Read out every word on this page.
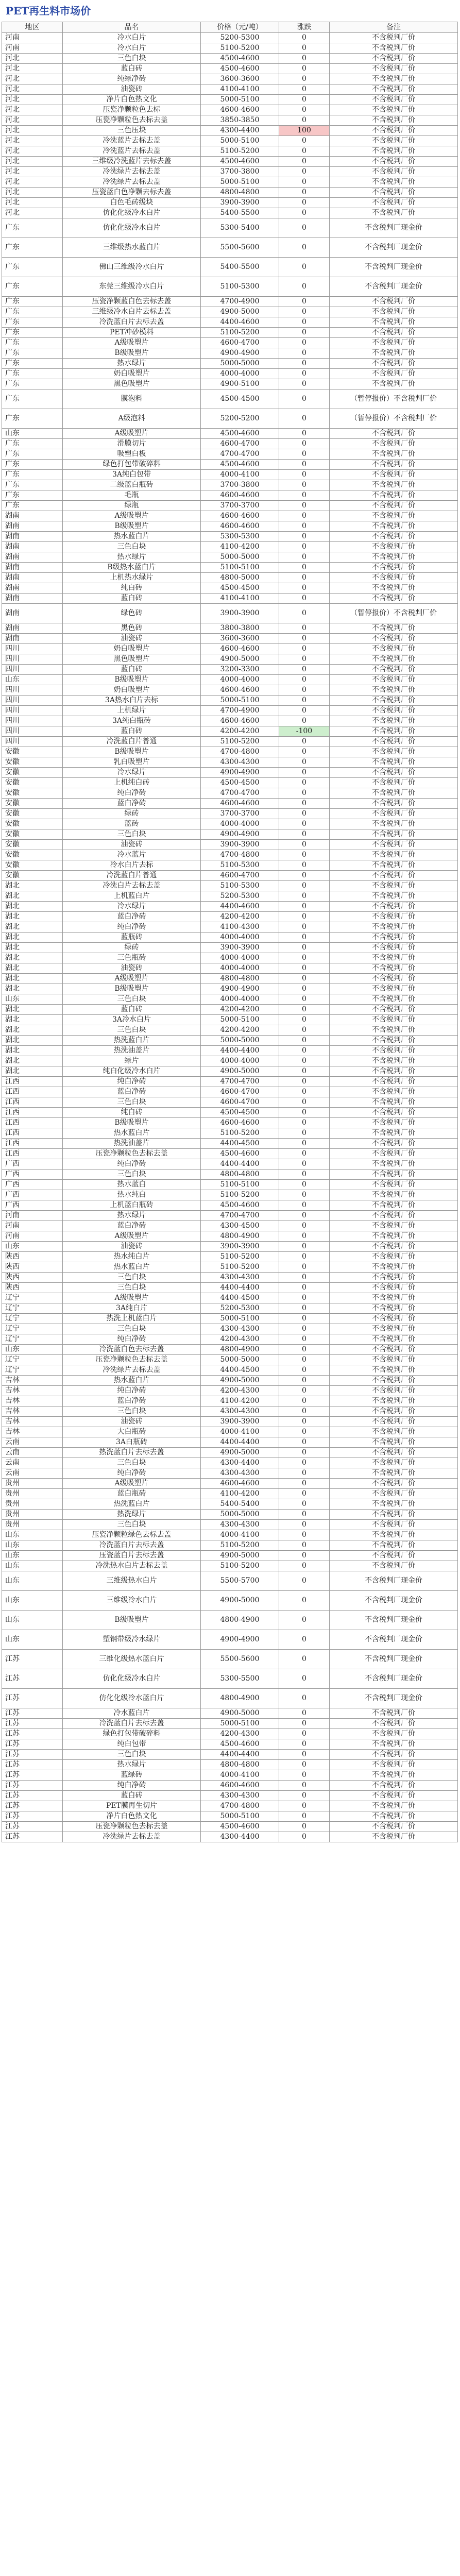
PET再生料市场价
地区	品名	价格（元/吨）	涨跌	备注
河南	冷水白片	5200-5300	0	不含税判厂价
河南	冷水白片	5100-5200	0	不含税判厂价
河北	三色白块	4500-4600	0	不含税判厂价
河北	蓝白砖	4500-4600	0	不含税判厂价
河北	纯绿净砖	3600-3600	0	不含税判厂价
河北	油瓷砖	4100-4100	0	不含税判厂价
河北	净片白色热文化	5000-5100	0	不含税判厂价
河北	压瓷净颗粒色去标	4600-4600	0	不含税判厂价
河北	压瓷净颗粒色去标去盖	3850-3850	0	不含税判厂价
河北	三色压块	4300-4400	100	不含税判厂价
河北	冷洗蓝片去标去盖	5000-5100	0	不含税判厂价
河北	冷洗蓝片去标去盖	5100-5200	0	不含税判厂价
河北	三维级冷洗蓝片去标去盖	4500-4600	0	不含税判厂价
河北	冷洗绿片去标去盖	3700-3800	0	不含税判厂价
河北	冷洗绿片去标去盖	5000-5100	0	不含税判厂价
河北	压瓷蓝白色净颗去标去盖	4800-4800	0	不含税判厂价
河北	白色毛砖级块	3900-3900	0	不含税判厂价
河北	仿化化级冷水白片	5400-5500	0	不含税判厂价
广东	仿化化级冷水白片	5300-5400	0	不含税判厂现金价
广东	三维级热水蓝白片	5500-5600	0	不含税判厂现金价
广东	佛山三维级冷水白片	5400-5500	0	不含税判厂现金价
广东	东莞三维级冷水白片	5100-5300	0	不含税判厂现金价
广东	压瓷净颗蓝白色去标去盖	4700-4900	0	不含税判厂价
广东	三维级冷水白片去标去盖	4900-5000	0	不含税判厂价
广东	冷洗蓝白片去标去盖	4400-4600	0	不含税判厂价
广东	PET冲砂模料	5100-5200	0	不含税判厂价
广东	A级吸塑片	4600-4700	0	不含税判厂价
广东	B级吸塑片	4900-4900	0	不含税判厂价
广东	热水绿片	5000-5000	0	不含税判厂价
广东	奶白吸塑片	4000-4000	0	不含税判厂价
广东	黑色吸塑片	4900-5100	0	不含税判厂价
广东	膜泡料	4500-4500	0	（暂停报价）不含税判厂价
广东	A级泡料	5200-5200	0	（暂停报价）不含税判厂价
山东	A级吸塑片	4500-4600	0	不含税判厂价
广东	滑膜切片	4600-4700	0	不含税判厂价
广东	吸塑白板	4700-4700	0	不含税判厂价
广东	绿色打包带破碎料	4500-4600	0	不含税判厂价
广东	3A纯白包带	4000-4100	0	不含税判厂价
广东	二级蓝白瓶砖	3700-3800	0	不含税判厂价
广东	毛瓶	4600-4600	0	不含税判厂价
广东	绿瓶	3700-3700	0	不含税判厂价
湖南	A级吸塑片	4600-4600	0	不含税判厂价
湖南	B级吸塑片	4600-4600	0	不含税判厂价
湖南	热水蓝白片	5300-5300	0	不含税判厂价
湖南	三色白块	4100-4200	0	不含税判厂价
湖南	热水绿片	5000-5000	0	不含税判厂价
湖南	B级热水蓝白片	5100-5100	0	不含税判厂价
湖南	上机热水绿片	4800-5000	0	不含税判厂价
湖南	纯白砖	4500-4500	0	不含税判厂价
湖南	蓝白砖	4100-4100	0	不含税判厂价
湖南	绿色砖	3900-3900	0	（暂停报价）不含税判厂价
湖南	黑色砖	3800-3800	0	不含税判厂价
湖南	油瓷砖	3600-3600	0	不含税判厂价
四川	奶白吸塑片	4600-4600	0	不含税判厂价
四川	黑色吸塑片	4900-5000	0	不含税判厂价
四川	蓝白砖	3200-3300	0	不含税判厂价
山东	B级吸塑片	4000-4000	0	不含税判厂价
四川	奶白吸塑片	4600-4600	0	不含税判厂价
四川	3A热水白片去标	5000-5100	0	不含税判厂价
四川	上机绿片	4700-4900	0	不含税判厂价
四川	3A纯白瓶砖	4600-4600	0	不含税判厂价
四川	蓝白砖	4200-4200	-100	不含税判厂价
四川	冷洗蓝白片普通	5100-5200	0	不含税判厂价
安徽	B级吸塑片	4700-4800	0	不含税判厂价
安徽	乳白吸塑片	4300-4300	0	不含税判厂价
安徽	冷水绿片	4900-4900	0	不含税判厂价
安徽	上机纯白砖	4500-4500	0	不含税判厂价
安徽	纯白净砖	4700-4700	0	不含税判厂价
安徽	蓝白净砖	4600-4600	0	不含税判厂价
安徽	绿砖	3700-3700	0	不含税判厂价
安徽	蓝砖	4000-4000	0	不含税判厂价
安徽	三色白块	4900-4900	0	不含税判厂价
安徽	油瓷砖	3900-3900	0	不含税判厂价
安徽	冷水蓝片	4700-4800	0	不含税判厂价
安徽	冷水白片去标	5100-5300	0	不含税判厂价
安徽	冷洗蓝白片普通	4600-4700	0	不含税判厂价
湖北	冷洗白片去标去盖	5100-5300	0	不含税判厂价
湖北	上机蓝白片	5200-5300	0	不含税判厂价
湖北	冷水绿片	4400-4600	0	不含税判厂价
湖北	蓝白净砖	4200-4200	0	不含税判厂价
湖北	纯白净砖	4100-4300	0	不含税判厂价
湖北	蓝瓶砖	4000-4000	0	不含税判厂价
湖北	绿砖	3900-3900	0	不含税判厂价
湖北	三色瓶砖	4000-4000	0	不含税判厂价
湖北	油瓷砖	4000-4000	0	不含税判厂价
湖北	A级吸塑片	4800-4800	0	不含税判厂价
湖北	B级吸塑片	4900-4900	0	不含税判厂价
山东	三色白块	4000-4000	0	不含税判厂价
湖北	蓝白砖	4200-4200	0	不含税判厂价
湖北	3A冷水白片	5000-5100	0	不含税判厂价
湖北	三色白块	4200-4200	0	不含税判厂价
湖北	热洗蓝白片	5000-5000	0	不含税判厂价
湖北	热洗油盖片	4400-4400	0	不含税判厂价
湖北	绿片	4000-4000	0	不含税判厂价
湖北	纯白化级冷水白片	4900-5000	0	不含税判厂价
江西	纯白净砖	4700-4700	0	不含税判厂价
江西	蓝白净砖	4600-4700	0	不含税判厂价
江西	三色白块	4600-4700	0	不含税判厂价
江西	纯白砖	4500-4500	0	不含税判厂价
江西	B级吸塑片	4600-4600	0	不含税判厂价
江西	热水蓝白片	5100-5200	0	不含税判厂价
江西	热洗油盖片	4400-4500	0	不含税判厂价
江西	压瓷净颗粒色去标去盖	4500-4600	0	不含税判厂价
广西	纯白净砖	4400-4400	0	不含税判厂价
广西	三色白块	4800-4800	0	不含税判厂价
广西	热水蓝白	5100-5100	0	不含税判厂价
广西	热水纯白	5100-5200	0	不含税判厂价
广西	上机蓝白瓶砖	4500-4600	0	不含税判厂价
河南	热水绿片	4700-4700	0	不含税判厂价
河南	蓝白净砖	4300-4500	0	不含税判厂价
河南	A级吸塑片	4800-4900	0	不含税判厂价
山东	油瓷砖	3900-3900	0	不含税判厂价
陕西	热水纯白片	5100-5200	0	不含税判厂价
陕西	热水蓝白片	5100-5200	0	不含税判厂价
陕西	三色白块	4300-4300	0	不含税判厂价
陕西	三色白块	4400-4400	0	不含税判厂价
辽宁	A级吸塑片	4400-4500	0	不含税判厂价
辽宁	3A纯白片	5200-5300	0	不含税判厂价
辽宁	热洗上机蓝白片	5000-5100	0	不含税判厂价
辽宁	三色白块	4300-4300	0	不含税判厂价
辽宁	纯白净砖	4200-4300	0	不含税判厂价
山东	冷洗蓝白色去标去盖	4800-4900	0	不含税判厂价
辽宁	压瓷净颗粒色去标去盖	5000-5000	0	不含税判厂价
辽宁	冷洗绿片去标去盖	4400-4500	0	不含税判厂价
吉林	热水蓝白片	4900-5000	0	不含税判厂价
吉林	纯白净砖	4200-4300	0	不含税判厂价
吉林	蓝白净砖	4100-4200	0	不含税判厂价
吉林	三色白块	4300-4300	0	不含税判厂价
吉林	油瓷砖	3900-3900	0	不含税判厂价
吉林	大白瓶砖	4000-4100	0	不含税判厂价
云南	3A白瓶砖	4400-4400	0	不含税判厂价
云南	热洗蓝白片去标去盖	4900-5000	0	不含税判厂价
云南	三色白块	4300-4400	0	不含税判厂价
云南	纯白净砖	4300-4300	0	不含税判厂价
贵州	A级吸塑片	4600-4600	0	不含税判厂价
贵州	蓝白瓶砖	4100-4200	0	不含税判厂价
贵州	热洗蓝白片	5400-5400	0	不含税判厂价
贵州	热洗绿片	5000-5000	0	不含税判厂价
贵州	三色白块	4300-4300	0	不含税判厂价
山东	压瓷净颗粒绿色去标去盖	4000-4100	0	不含税判厂价
山东	冷洗蓝白片去标去盖	5100-5200	0	不含税判厂价
山东	压瓷蓝白片去标去盖	4900-5000	0	不含税判厂价
山东	冷洗热水白片去标去盖	5100-5200	0	不含税判厂价
山东	三维级热水白片	5500-5700	0	不含税判厂现金价
山东	三维级冷水白片	4900-5000	0	不含税判厂现金价
山东	B级吸塑片	4800-4900	0	不含税判厂现金价
山东	塑钢带级冷水绿片	4900-4900	0	不含税判厂现金价
江苏	三维化级热水蓝白片	5500-5600	0	不含税判厂现金价
江苏	仿化化级冷水白片	5300-5500	0	不含税判厂现金价
江苏	仿化化级冷水蓝白片	4800-4900	0	不含税判厂现金价
江苏	冷水蓝白片	4900-5000	0	不含税判厂价
江苏	冷洗蓝白片去标去盖	5000-5100	0	不含税判厂价
江苏	绿色打包带破碎料	4200-4300	0	不含税判厂价
江苏	纯白包带	4500-4600	0	不含税判厂价
江苏	三色白块	4400-4400	0	不含税判厂价
江苏	热水绿片	4800-4800	0	不含税判厂价
江苏	蓝绿砖	4000-4100	0	不含税判厂价
江苏	纯白净砖	4600-4600	0	不含税判厂价
江苏	蓝白砖	4300-4300	0	不含税判厂价
江苏	PET膜再生切片	4700-4800	0	不含税判厂价
江苏	净片白色热文化	5000-5100	0	不含税判厂价
江苏	压瓷净颗粒色去标去盖	4500-4600	0	不含税判厂价
江苏	冷洗绿片去标去盖	4300-4400	0	不含税判厂价
